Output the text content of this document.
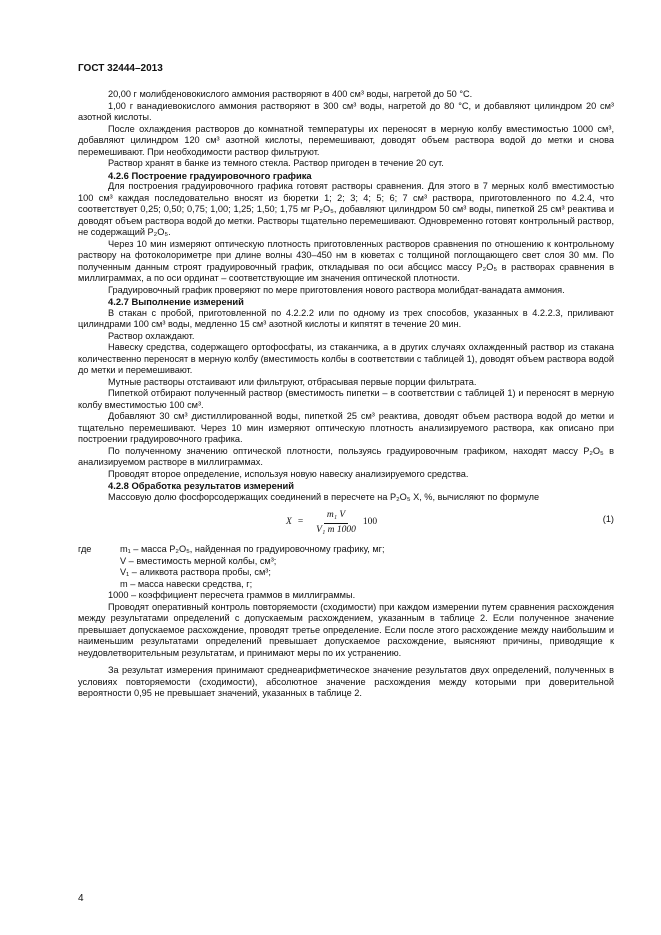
ГОСТ 32444–2013

20,00 г молибденовокислого аммония растворяют в 400 см³ воды, нагретой до 50 °С.

1,00 г ванадиевокислого аммония растворяют в 300 см³ воды, нагретой до 80 °С, и добавляют цилиндром 20 см³ азотной кислоты.

После охлаждения растворов до комнатной температуры их переносят в мерную колбу вместимостью 1000 см³, добавляют цилиндром 120 см³ азотной кислоты, перемешивают, доводят объем раствора водой до метки и снова перемешивают. При необходимости раствор фильтруют.

Раствор хранят в банке из темного стекла. Раствор пригоден в течение 20 сут.

4.2.6 Построение градуировочного графика

Для построения градуировочного графика готовят растворы сравнения. Для этого в 7 мерных колб вместимостью 100 см³ каждая последовательно вносят из бюретки 1; 2; 3; 4; 5; 6; 7 см³ раствора, приготовленного по 4.2.4, что соответствует 0,25; 0,50; 0,75; 1,00; 1,25; 1,50; 1,75 мг P₂O₅, добавляют цилиндром 50 см³ воды, пипеткой 25 см³ реактива и доводят объем раствора водой до метки. Растворы тщательно перемешивают. Одновременно готовят контрольный раствор, не содержащий P₂O₅.

Через 10 мин измеряют оптическую плотность приготовленных растворов сравнения по отношению к контрольному раствору на фотоколориметре при длине волны 430–450 нм в кюветах с толщиной поглощающего свет слоя 30 мм. По полученным данным строят градуировочный график, откладывая по оси абсцисс массу P₂O₅ в растворах сравнения в миллиграммах, а по оси ординат – соответствующие им значения оптической плотности.

Градуировочный график проверяют по мере приготовления нового раствора молибдат-ванадата аммония.

4.2.7 Выполнение измерений

В стакан с пробой, приготовленной по 4.2.2.2 или по одному из трех способов, указанных в 4.2.2.3, приливают цилиндрами 100 см³ воды, медленно 15 см³ азотной кислоты и кипятят в течение 20 мин.

Раствор охлаждают.

Навеску средства, содержащего ортофосфаты, из стаканчика, а в других случаях охлажденный раствор из стакана количественно переносят в мерную колбу (вместимость колбы в соответствии с таблицей 1), доводят объем раствора водой до метки и перемешивают.

Мутные растворы отстаивают или фильтруют, отбрасывая первые порции фильтрата.

Пипеткой отбирают полученный раствор (вместимость пипетки – в соответствии с таблицей 1) и переносят в мерную колбу вместимостью 100 см³.

Добавляют 30 см³ дистиллированной воды, пипеткой 25 см³ реактива, доводят объем раствора водой до метки и тщательно перемешивают. Через 10 мин измеряют оптическую плотность анализируемого раствора, как описано при построении градуировочного графика.

По полученному значению оптической плотности, пользуясь градуировочным графиком, находят массу P₂O₅ в анализируемом растворе в миллиграммах.

Проводят второе определение, используя новую навеску анализируемого средства.

4.2.8 Обработка результатов измерений

Массовую долю фосфорсодержащих соединений в пересчете на P₂O₅ X, %, вычисляют по формуле

$X = \frac{\text{m₁ V}}{\text{V₁ m 1000}} 100$	(1)
где	m₁ – масса P₂O₅, найденная по градуировочному графику, мг;
V – вместимость мерной колбы, см³;
V₁ – аликвота раствора пробы, см³;
m – масса навески средства, г;

1000 – коэффициент пересчета граммов в миллиграммы.

Проводят оперативный контроль повторяемости (сходимости) при каждом измерении путем сравнения расхождения между результатами определений с допускаемым расхождением, указанным в таблице 2. Если полученное значение превышает допускаемое расхождение, проводят третье определение. Если после этого расхождение между наибольшим и наименьшим результатами определений превышает допускаемое расхождение, выясняют причины, приводящие к неудовлетворительным результатам, и принимают меры по их устранению.

За результат измерения принимают среднеарифметическое значение результатов двух определений, полученных в условиях повторяемости (сходимости), абсолютное значение расхождения между которыми при доверительной вероятности 0,95 не превышает значений, указанных в таблице 2.

4
